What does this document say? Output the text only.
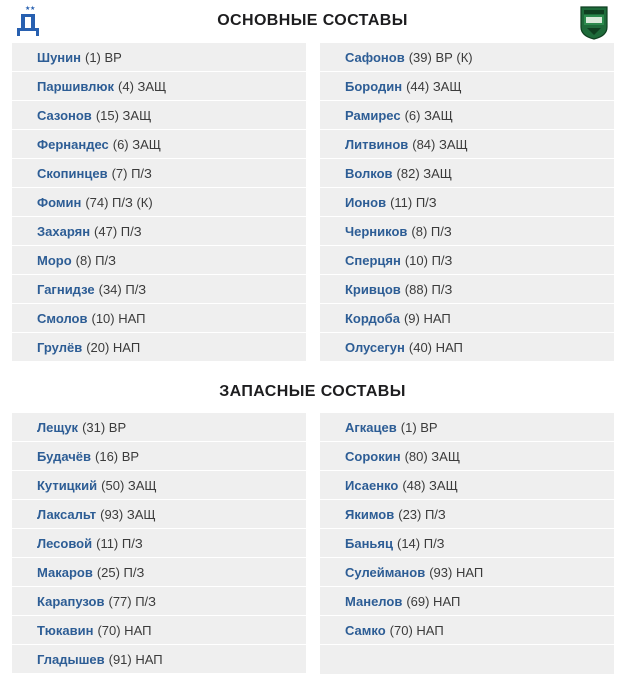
★ ★
ОСНОВНЫЕ СОСТАВЫ
Шунин (1) ВР
Паршивлюк (4) ЗАЩ
Сазонов (15) ЗАЩ
Фернандес (6) ЗАЩ
Скопинцев (7) П/З
Фомин (74) П/З (К)
Захарян (47) П/З
Моро (8) П/З
Гагнидзе (34) П/З
Смолов (10) НАП
Грулёв (20) НАП
Сафонов (39) ВР (К)
Бородин (44) ЗАЩ
Рамирес (6) ЗАЩ
Литвинов (84) ЗАЩ
Волков (82) ЗАЩ
Ионов (11) П/З
Черников (8) П/З
Сперцян (10) П/З
Кривцов (88) П/З
Кордоба (9) НАП
Олусегун (40) НАП
ЗАПАСНЫЕ СОСТАВЫ
Лещук (31) ВР
Будачёв (16) ВР
Кутицкий (50) ЗАЩ
Лаксальт (93) ЗАЩ
Лесовой (11) П/З
Макаров (25) П/З
Карапузов (77) П/З
Тюкавин (70) НАП
Гладышев (91) НАП
Агкацев (1) ВР
Сорокин (80) ЗАЩ
Исаенко (48) ЗАЩ
Якимов (23) П/З
Баньяц (14) П/З
Сулейманов (93) НАП
Манелов (69) НАП
Самко (70) НАП
